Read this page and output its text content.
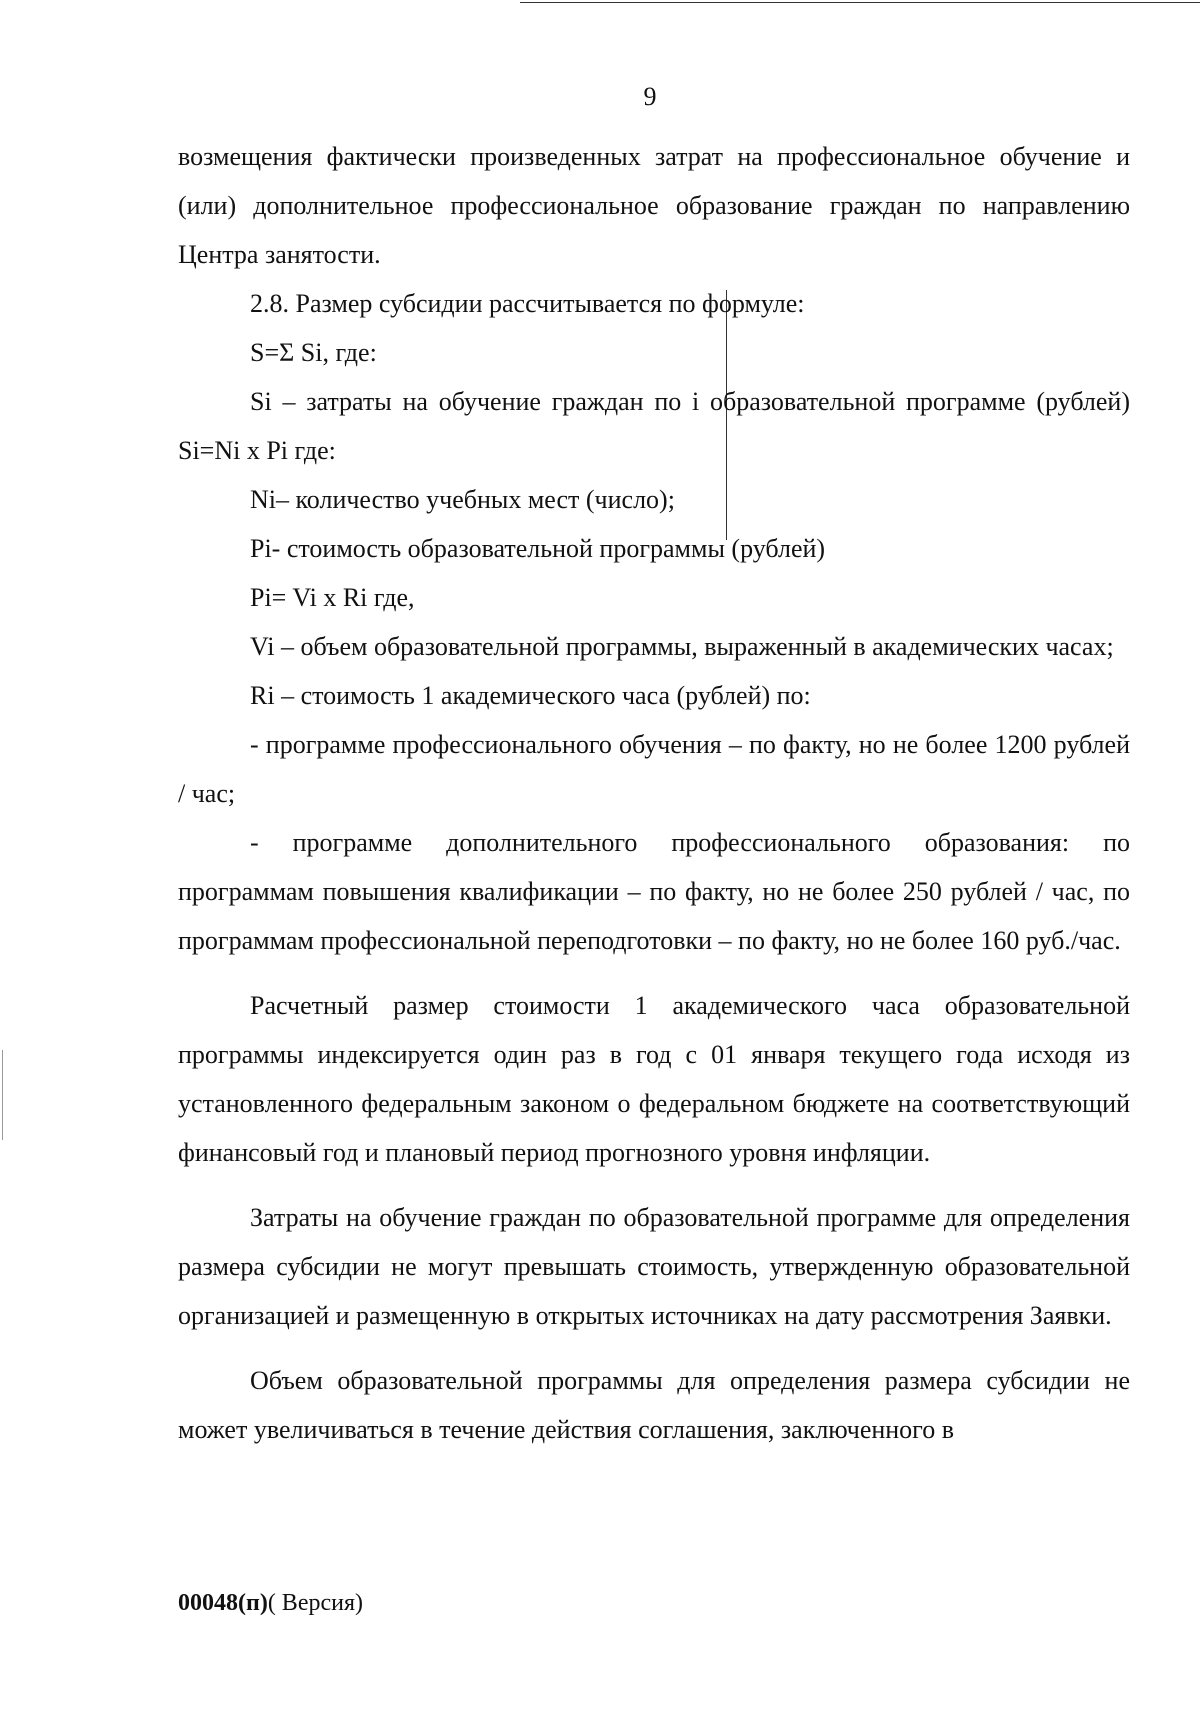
9

возмещения фактически произведенных затрат на профессиональное обучение и (или) дополнительное профессиональное образование граждан по направлению Центра занятости.

2.8. Размер субсидии рассчитывается по формуле:

S=Σ Si, где:

Si – затраты на обучение граждан по i образовательной программе (рублей) Si=Ni x Pi где:

Ni– количество учебных мест (число);

Pi- стоимость образовательной программы (рублей)

Pi= Vi x Ri где,

Vi – объем образовательной программы, выраженный в академических часах;

Ri – стоимость 1 академического часа (рублей) по:

- программе профессионального обучения – по факту, но не более 1200 рублей / час;

- программе дополнительного профессионального образования: по программам повышения квалификации – по факту, но не более 250 рублей / час, по программам профессиональной переподготовки – по факту, но не более 160 руб./час.

Расчетный размер стоимости 1 академического часа образовательной программы индексируется один раз в год с 01 января текущего года исходя из установленного федеральным законом о федеральном бюджете на соответствующий финансовый год и плановый период прогнозного уровня инфляции.

Затраты на обучение граждан по образовательной программе для определения размера субсидии не могут превышать стоимость, утвержденную образовательной организацией и размещенную в открытых источниках на дату рассмотрения Заявки.

Объем образовательной программы для определения размера субсидии не может увеличиваться в течение действия соглашения, заключенного в

00048(п)( Версия)
